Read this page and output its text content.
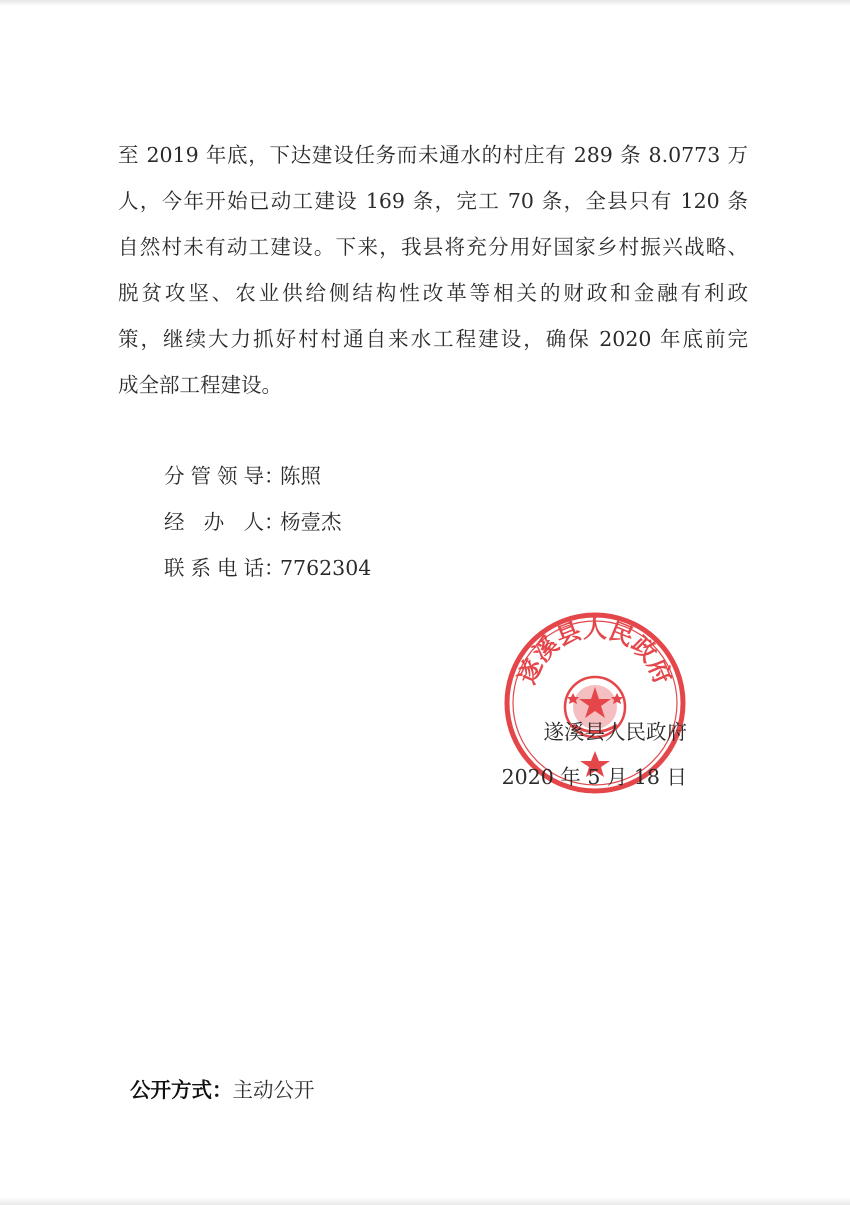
至 2019 年底，下达建设任务而未通水的村庄有 289 条 8.0773 万
人，今年开始已动工建设 169 条，完工 70 条，全县只有 120 条
自然村未有动工建设。下来，我县将充分用好国家乡村振兴战略、
脱贫攻坚、农业供给侧结构性改革等相关的财政和金融有利政
策，继续大力抓好村村通自来水工程建设，确保 2020 年底前完
成全部工程建设。
分管领导：陈照
经办人：杨壹杰
联系电话：7762304
遂溪县人民政府
遂溪县人民政府
2020 年 5 月 18 日
公开方式：主动公开
